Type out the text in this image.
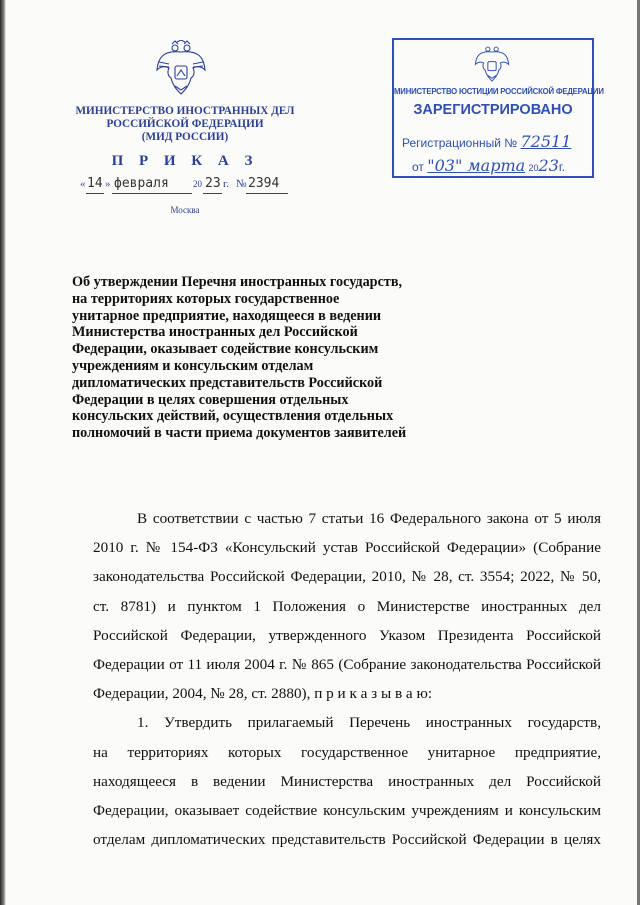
МИНИСТЕРСТВО ИНОСТРАННЫХ ДЕЛ
РОССИЙСКОЙ ФЕДЕРАЦИИ
(МИД РОССИИ)
П Р И К А З
« 14 » февраля	20 23 г. № 2394
Москва
МИНИСТЕРСТВО ЮСТИЦИИ РОССИЙСКОЙ ФЕДЕРАЦИИ
ЗАРЕГИСТРИРОВАНО
Регистрационный № 72511
от "03" марта 2023г.
Об утверждении Перечня иностранных государств,
на территориях которых государственное
унитарное предприятие, находящееся в ведении
Министерства иностранных дел Российской
Федерации, оказывает содействие консульским
учреждениям и консульским отделам
дипломатических представительств Российской
Федерации в целях совершения отдельных
консульских действий, осуществления отдельных
полномочий в части приема документов заявителей

В соответствии с частью 7 статьи 16 Федерального закона от 5 июля

2010 г. № 154-ФЗ «Консульский устав Российской Федерации» (Собрание

законодательства Российской Федерации, 2010, № 28, ст. 3554; 2022, № 50,

ст. 8781) и пунктом 1 Положения о Министерстве иностранных дел

Российской Федерации, утвержденного Указом Президента Российской

Федерации от 11 июля 2004 г. № 865 (Собрание законодательства Российской

Федерации, 2004, № 28, ст. 2880), п р и к а з ы в а ю:

1. Утвердить прилагаемый Перечень иностранных государств,

на территориях которых государственное унитарное предприятие,

находящееся в ведении Министерства иностранных дел Российской

Федерации, оказывает содействие консульским учреждениям и консульским

отделам дипломатических представительств Российской Федерации в целях
